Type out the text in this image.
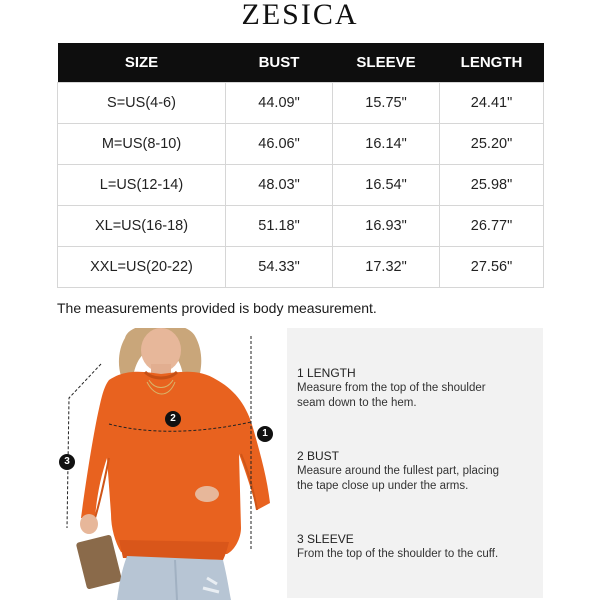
ZESICA
SIZE	BUST	SLEEVE	LENGTH
S=US(4-6)	44.09"	15.75"	24.41"
M=US(8-10)	46.06"	16.14"	25.20"
L=US(12-14)	48.03"	16.54"	25.98"
XL=US(16-18)	51.18"	16.93"	26.77"
XXL=US(20-22)	54.33"	17.32"	27.56"
The measurements provided is body measurement.
2
1
3
1 LENGTH
Measure from the top of the shoulder
seam down to the hem.
2 BUST
Measure around the fullest part, placing
the tape close up under the arms.
3 SLEEVE
From the top of the shoulder to the cuff.
